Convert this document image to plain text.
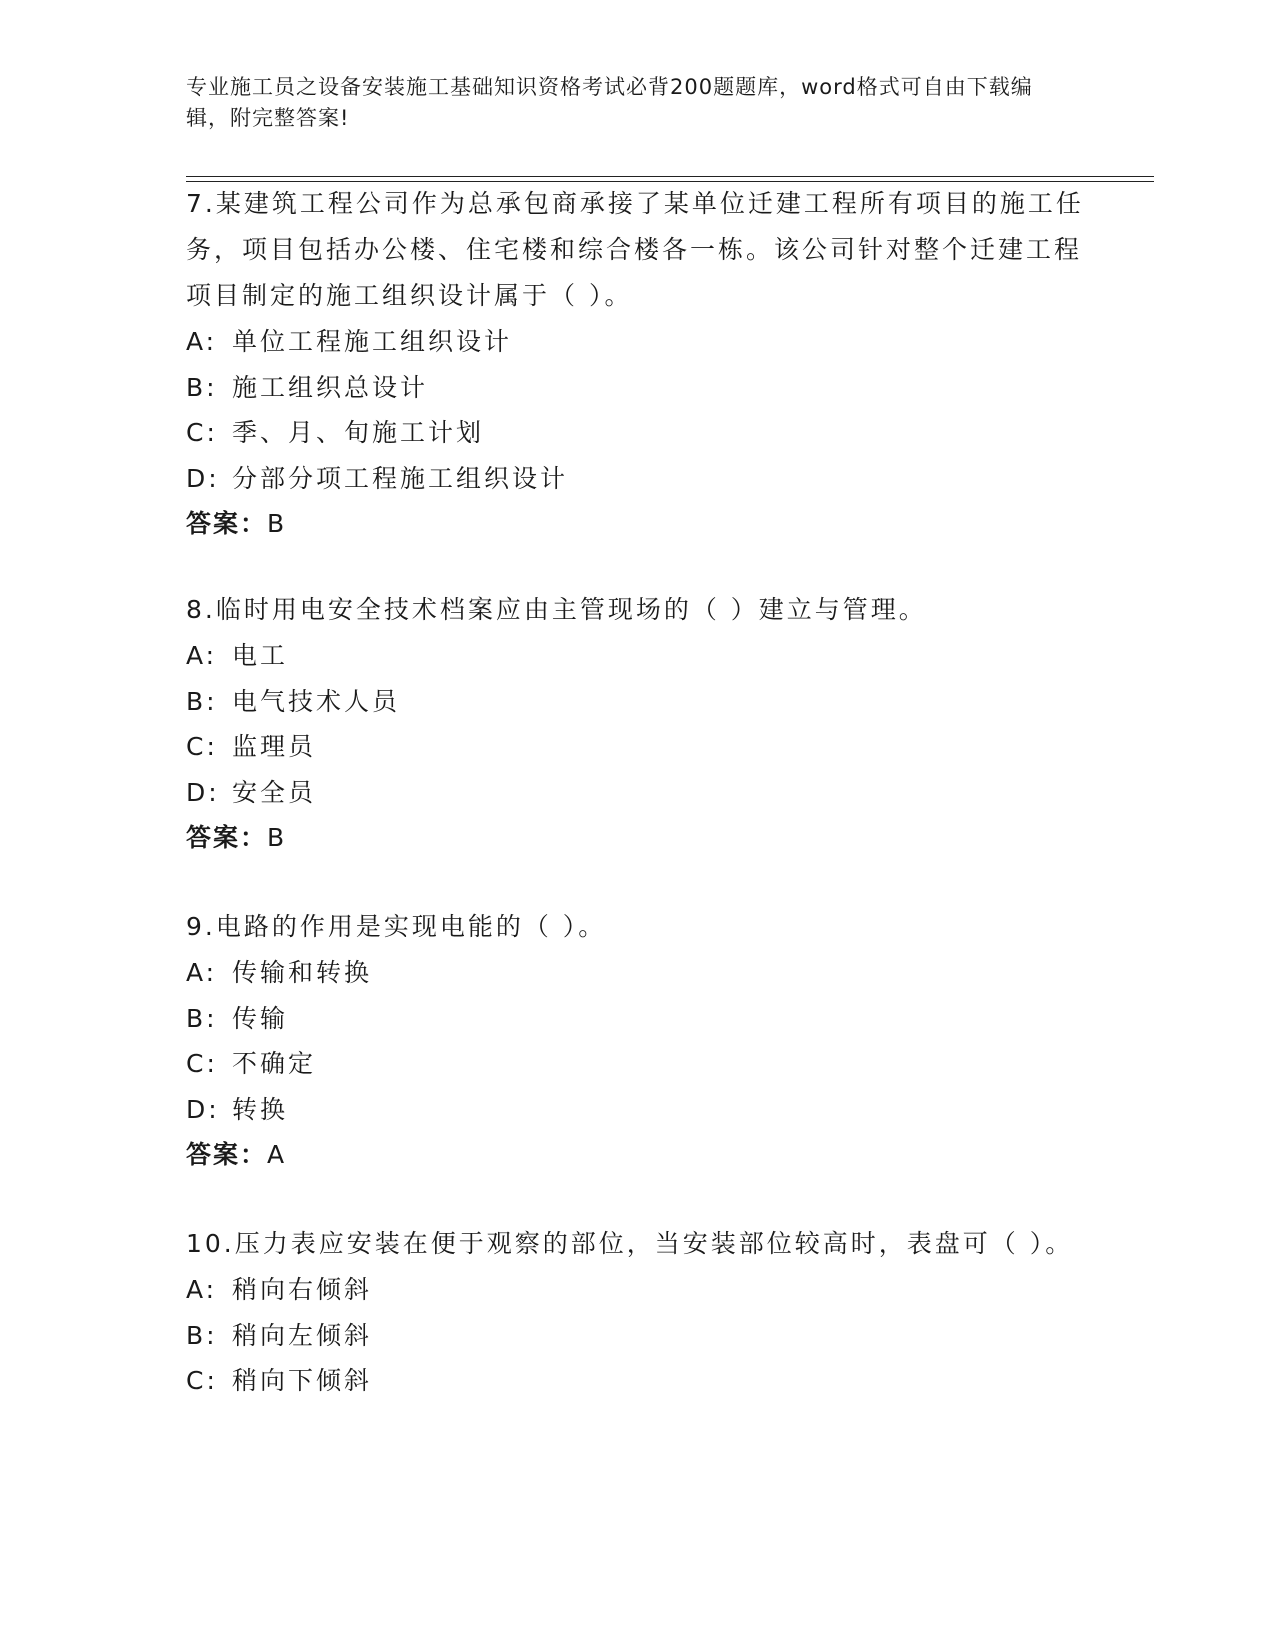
专业施工员之设备安装施工基础知识资格考试必背200题题库，word格式可自由下载编辑，附完整答案!

7.某建筑工程公司作为总承包商承接了某单位迁建工程所有项目的施工任务，项目包括办公楼、住宅楼和综合楼各一栋。该公司针对整个迁建工程项目制定的施工组织设计属于（ ）。

A: 单位工程施工组织设计
B: 施工组织总设计
C: 季、月、旬施工计划
D: 分部分项工程施工组织设计
答案：B

8.临时用电安全技术档案应由主管现场的（ ）建立与管理。

A: 电工
B: 电气技术人员
C: 监理员
D: 安全员
答案：B

9.电路的作用是实现电能的（ ）。

A: 传输和转换
B: 传输
C: 不确定
D: 转换
答案：A

10.压力表应安装在便于观察的部位，当安装部位较高时，表盘可（ ）。

A: 稍向右倾斜
B: 稍向左倾斜
C: 稍向下倾斜
